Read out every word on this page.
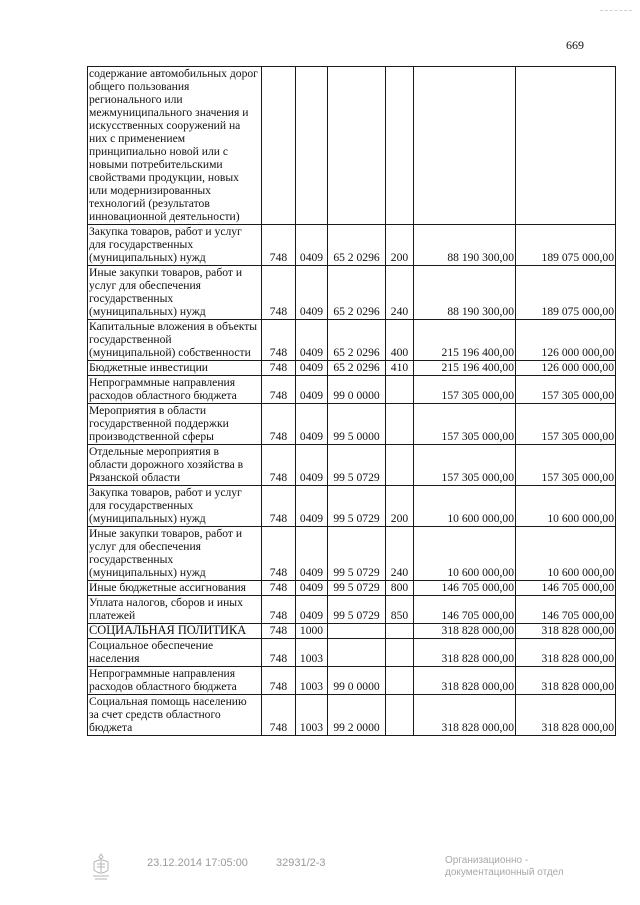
669
содержание автомобильных дорог общего пользования регионального или межмуниципального значения и искусственных сооружений на них с применением принципиально новой или с новыми потребительскими свойствами продукции, новых или модернизированных технологий (результатов инновационной деятельности)						
Закупка товаров, работ и услуг для государственных (муниципальных) нужд	748	0409	65 2 0296	200	88 190 300,00	189 075 000,00
Иные закупки товаров, работ и услуг для обеспечения государственных (муниципальных) нужд	748	0409	65 2 0296	240	88 190 300,00	189 075 000,00
Капитальные вложения в объекты государственной (муниципальной) собственности	748	0409	65 2 0296	400	215 196 400,00	126 000 000,00
Бюджетные инвестиции	748	0409	65 2 0296	410	215 196 400,00	126 000 000,00
Непрограммные направления расходов областного бюджета	748	0409	99 0 0000		157 305 000,00	157 305 000,00
Мероприятия в области государственной поддержки производственной сферы	748	0409	99 5 0000		157 305 000,00	157 305 000,00
Отдельные мероприятия в области дорожного хозяйства в Рязанской области	748	0409	99 5 0729		157 305 000,00	157 305 000,00
Закупка товаров, работ и услуг для государственных (муниципальных) нужд	748	0409	99 5 0729	200	10 600 000,00	10 600 000,00
Иные закупки товаров, работ и услуг для обеспечения государственных (муниципальных) нужд	748	0409	99 5 0729	240	10 600 000,00	10 600 000,00
Иные бюджетные ассигнования	748	0409	99 5 0729	800	146 705 000,00	146 705 000,00
Уплата налогов, сборов и иных платежей	748	0409	99 5 0729	850	146 705 000,00	146 705 000,00
СОЦИАЛЬНАЯ ПОЛИТИКА	748	1000			318 828 000,00	318 828 000,00
Социальное обеспечение населения	748	1003			318 828 000,00	318 828 000,00
Непрограммные направления расходов областного бюджета	748	1003	99 0 0000		318 828 000,00	318 828 000,00
Социальная помощь населению за счет средств областного бюджета	748	1003	99 2 0000		318 828 000,00	318 828 000,00
23.12.2014 17:05:00	32931/2-3	Организационно -
документационный отдел
